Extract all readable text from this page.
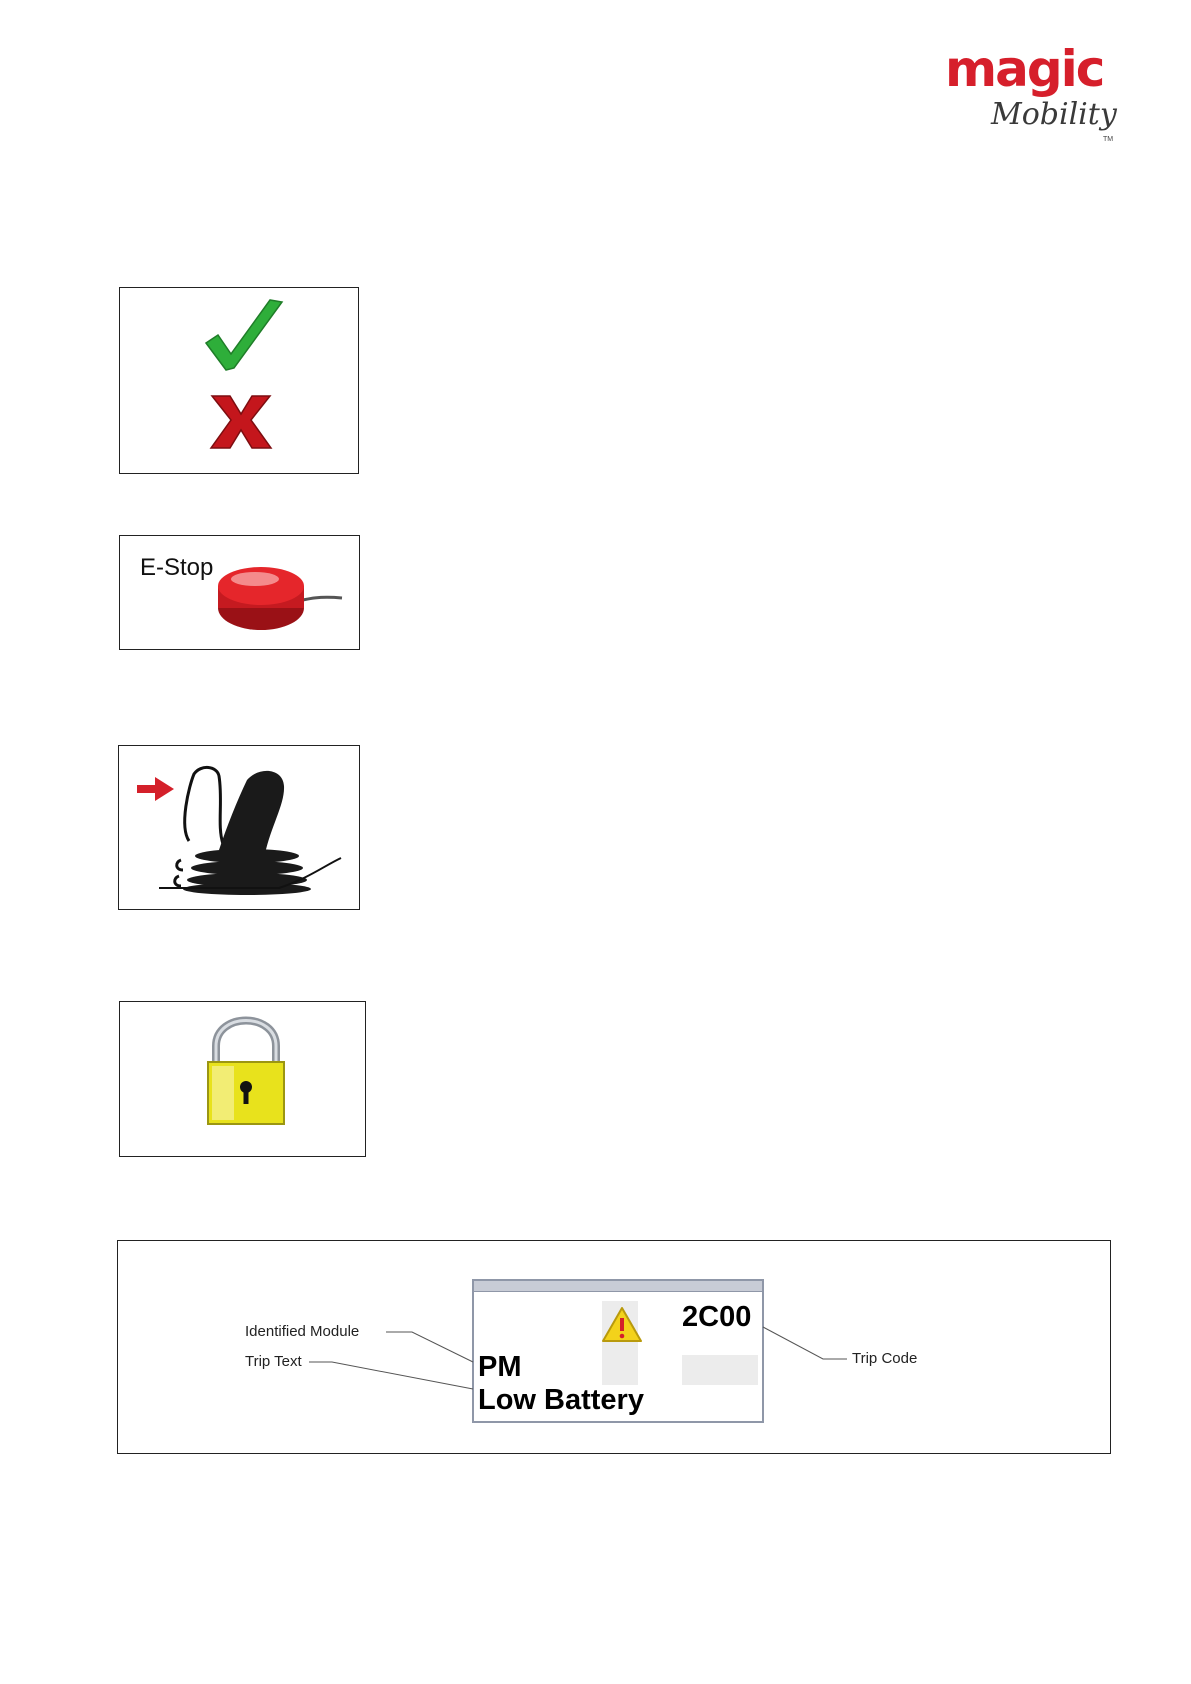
magic
Mobility
TM
E-Stop
2C00
PM
Low Battery
Identified Module
Trip Text	Trip Code
